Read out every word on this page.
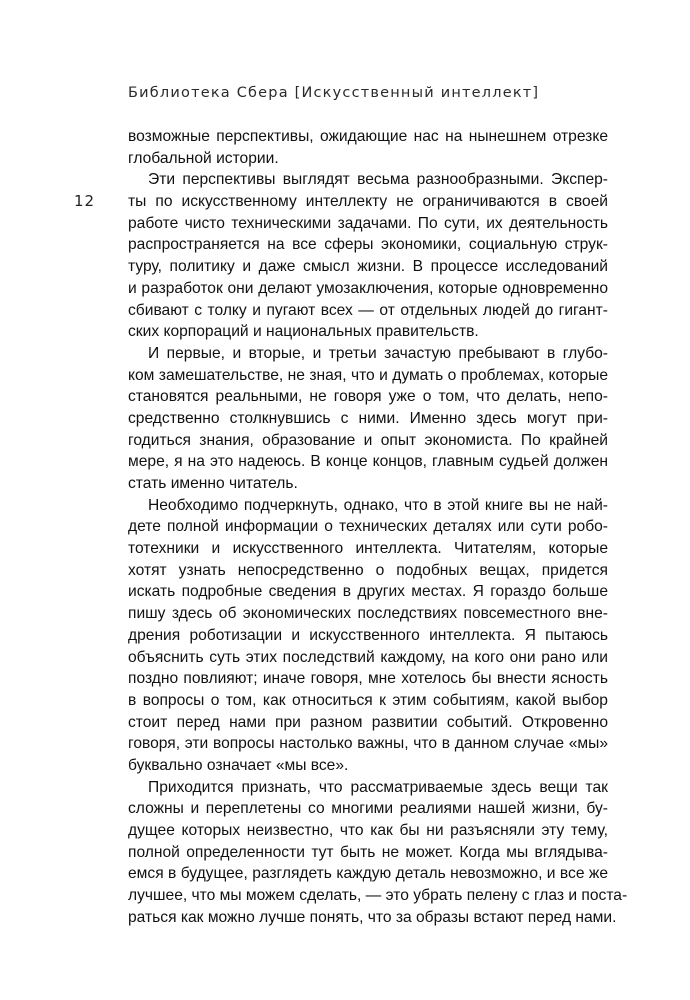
Библиотека Сбера [Искусственный интеллект]
12
возможные перспективы, ожидающие нас на нынешнем отрезке
глобальной истории.
Эти перспективы выглядят весьма разнообразными. Экспер-
ты по искусственному интеллекту не ограничиваются в своей
работе чисто техническими задачами. По сути, их деятельность
распространяется на все сферы экономики, социальную струк-
туру, политику и даже смысл жизни. В процессе исследований
и разработок они делают умозаключения, которые одновременно
сбивают с толку и пугают всех — от отдельных людей до гигант-
ских корпораций и национальных правительств.
И первые, и вторые, и третьи зачастую пребывают в глубо-
ком замешательстве, не зная, что и думать о проблемах, которые
становятся реальными, не говоря уже о том, что делать, непо-
средственно столкнувшись с ними. Именно здесь могут при-
годиться знания, образование и опыт экономиста. По крайней
мере, я на это надеюсь. В конце концов, главным судьей должен
стать именно читатель.
Необходимо подчеркнуть, однако, что в этой книге вы не най-
дете полной информации о технических деталях или сути робо-
тотехники и искусственного интеллекта. Читателям, которые
хотят узнать непосредственно о подобных вещах, придется
искать подробные сведения в других местах. Я гораздо больше
пишу здесь об экономических последствиях повсеместного вне-
дрения роботизации и искусственного интеллекта. Я пытаюсь
объяснить суть этих последствий каждому, на кого они рано или
поздно повлияют; иначе говоря, мне хотелось бы внести ясность
в вопросы о том, как относиться к этим событиям, какой выбор
стоит перед нами при разном развитии событий. Откровенно
говоря, эти вопросы настолько важны, что в данном случае «мы»
буквально означает «мы все».
Приходится признать, что рассматриваемые здесь вещи так
сложны и переплетены со многими реалиями нашей жизни, бу-
дущее которых неизвестно, что как бы ни разъясняли эту тему,
полной определенности тут быть не может. Когда мы вглядыва-
емся в будущее, разглядеть каждую деталь невозможно, и все же
лучшее, что мы можем сделать, — это убрать пелену с глаз и поста-
раться как можно лучше понять, что за образы встают перед нами.
